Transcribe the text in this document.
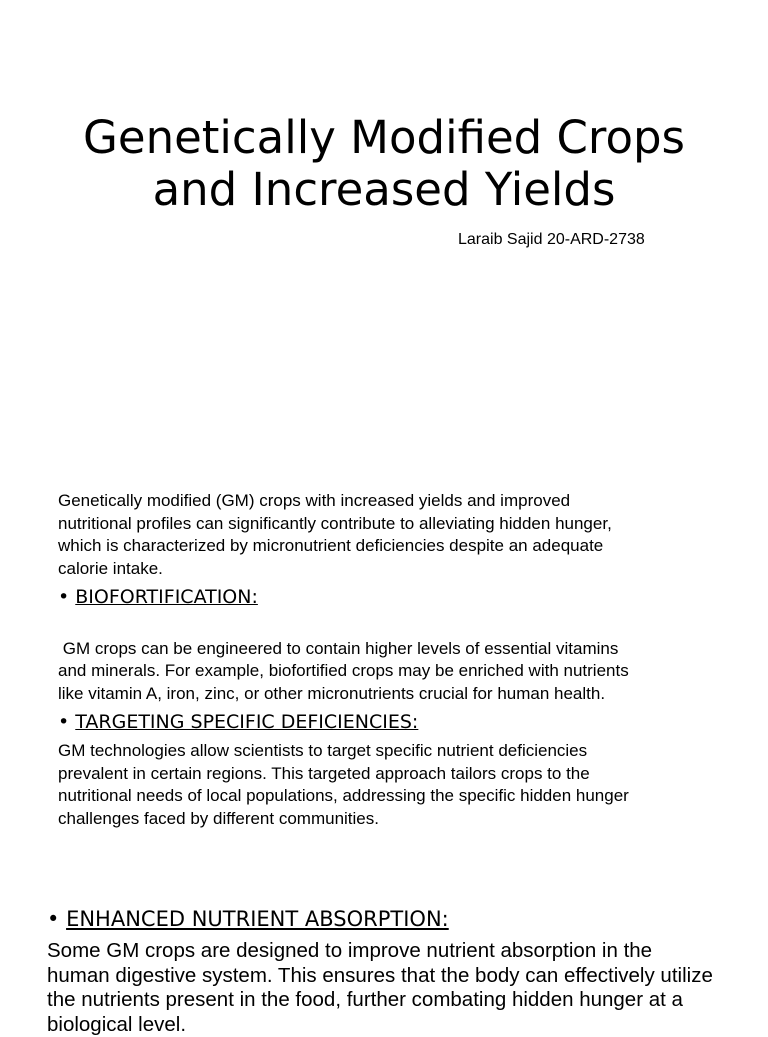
Genetically Modified Crops
and Increased Yields
Laraib Sajid 20-ARD-2738

Genetically modified (GM) crops with increased yields and improved
nutritional profiles can significantly contribute to alleviating hidden hunger,
which is characterized by micronutrient deficiencies despite an adequate
calorie intake.

• BIOFORTIFICATION:

GM crops can be engineered to contain higher levels of essential vitamins
and minerals. For example, biofortified crops may be enriched with nutrients
like vitamin A, iron, zinc, or other micronutrients crucial for human health.

• TARGETING SPECIFIC DEFICIENCIES:

GM technologies allow scientists to target specific nutrient deficiencies
prevalent in certain regions. This targeted approach tailors crops to the
nutritional needs of local populations, addressing the specific hidden hunger
challenges faced by different communities.

• ENHANCED NUTRIENT ABSORPTION:

Some GM crops are designed to improve nutrient absorption in the
human digestive system. This ensures that the body can effectively utilize
the nutrients present in the food, further combating hidden hunger at a
biological level.
